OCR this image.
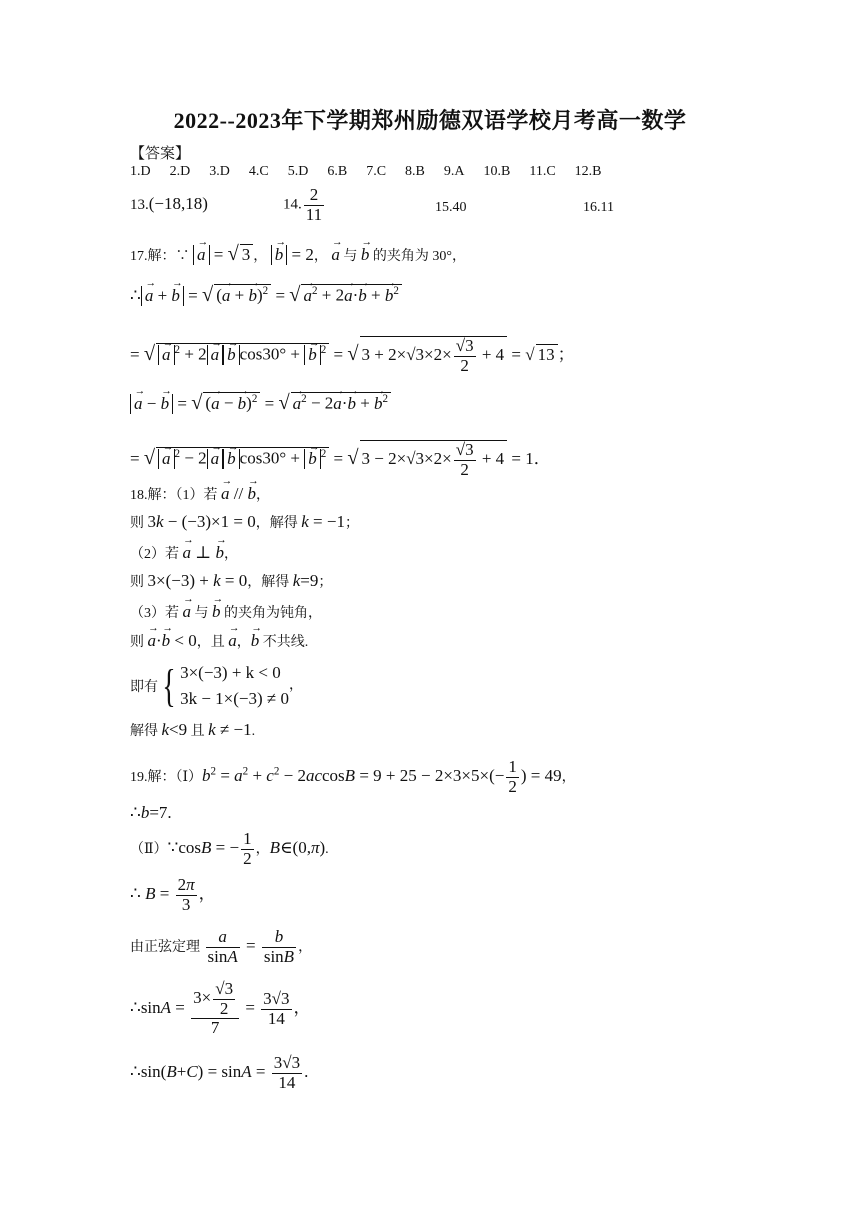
2022--2023年下学期郑州励德双语学校月考高一数学
【答案】
1.D 2.D 3.D 4.C 5.D 6.B 7.C 8.B 9.A 10.B 11.C 12.B
13.(−18,18)	14. $\frac{2}{11}$	15.40	16.11
17.解：∵ → a = √ 3 ， → b = 2， → a 与 → b 的夹角为 30°，
∴ → a + → b = √ (→ a + → b)$^2$ = √ → $a^2 + 2\to a\cdot\to b$ + → $b^2$
= √ → a $^2$ + 2 → a → b cos30° + → b $^2$ = √ $3 + 2\times√3\times 2\times \frac{√3}{2} + 4$ = √ 13 ；
→ a − → b = √ (→ a − → b)$^2$ = √ → $a^2 - 2\to a\cdot\to b$ + → $b^2$
= √ → a $^2$ − 2 → a → b cos30° + → b $^2$ = √ $3 - 2\times√3\times 2\times \frac{√3}{2} + 4 = 1$．
18.解：（1）若 → a // → b，
则 3k − (−3)×1 = 0，解得 k = −1；
（2）若 → a ⊥ → b，
则 3×(−3) + k = 0，解得 k=9；
（3）若 → a 与 → b 的夹角为钝角，
则 → a·→ b < 0，且 → a，→ b 不共线.
即有{ 3×(−3) + k < 0
3k − 1×(−3) ≠ 0，
解得 k<9 且 k ≠ −1.
19.解：$(Ⅰ)b^2 = a^2 + c^2 - 2accosB = 9 + 25 - 2\times 3\times 5\times(- \frac{1}{2}$ ) = 49，
∴b=7.
（Ⅱ）∵cosB = − $\frac{1}{2}$ ，B∈(0,π).
∴ $B = \frac{2\pi}{3}$ ，
由正弦定理 $\frac{a}{\sin A} = \frac{b}{\sin B}$ ，
∴sinA = $\frac{3\times \frac{√3}{2}}{7} = \frac{3√3}{14}$ ，
∴sin(B+C) = $\sin A = \frac{3√3}{14}$ .
